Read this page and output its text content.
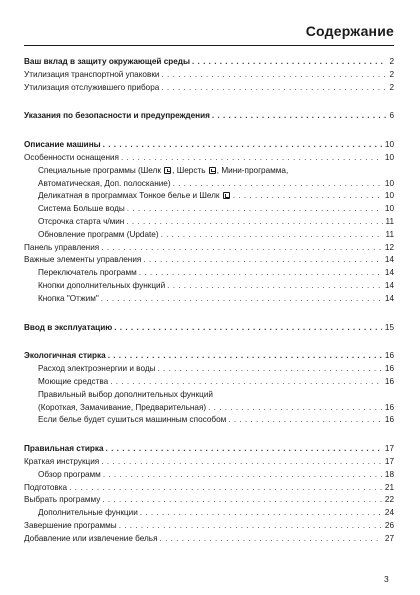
Содержание
Ваш вклад в защиту окружающей среды . . .	2
Утилизация транспортной упаковки . . .	2
Утилизация отслужившего прибора . . .	2
Указания по безопасности и предупреждения . . .	6
Описание машины . . .	10
Особенности оснащения . . .	10
Специальные программы (Шелк , Шерсть , Мини-программа,
Автоматическая, Доп. полоскание) . . .	10
Деликатная в программах Тонкое белье и Шелк . . .	10
Система Больше воды . . .	10
Отсрочка старта ч/мин . . .	11
Обновление программ (Update) . . .	11
Панель управления . . .	12
Важные элементы управления . . .	14
Переключатель программ . . .	14
Кнопки дополнительных функций . . .	14
Кнопка "Отжим" . . .	14
Ввод в эксплуатацию . . .	15
Экологичная стирка . . .	16
Расход электроэнергии и воды . . .	16
Моющие средства . . .	16
Правильный выбор дополнительных функций
(Короткая, Замачивание, Предварительная) . . .	16
Если белье будет сушиться машинным способом . . .	16
Правильная стирка . . .	17
Краткая инструкция . . .	17
Обзор программ . . .	18
Подготовка . . .	21
Выбрать программу . . .	22
Дополнительные функции . . .	24
Завершение программы . . .	26
Добавление или извлечение белья . . .	27
3
